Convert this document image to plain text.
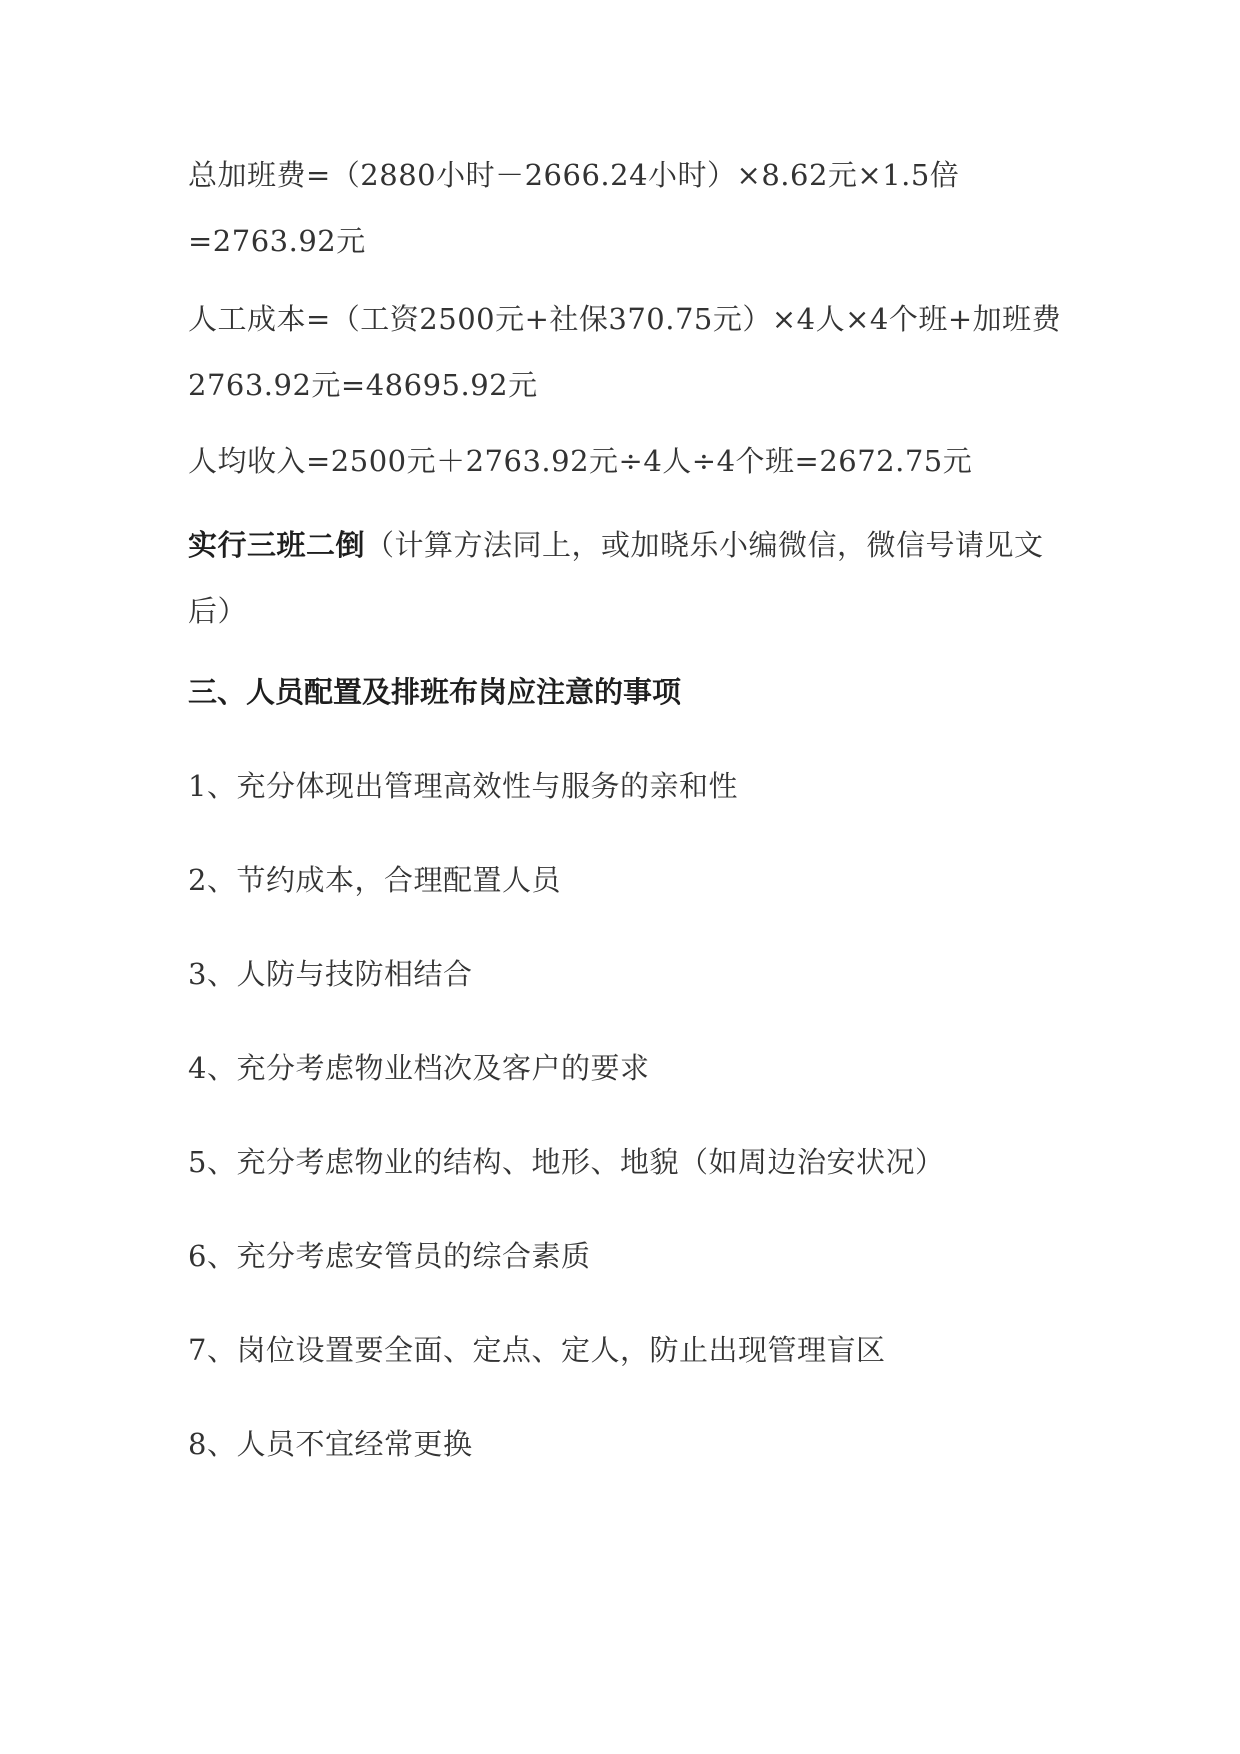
总加班费=（2880小时－2666.24小时）×8.62元×1.5倍=2763.92元

人工成本=（工资2500元+社保370.75元）×4人×4个班+加班费2763.92元=48695.92元

人均收入=2500元＋2763.92元÷4人÷4个班=2672.75元

实行三班二倒（计算方法同上，或加晓乐小编微信，微信号请见文后）

三、人员配置及排班布岗应注意的事项

1、充分体现出管理高效性与服务的亲和性

2、节约成本，合理配置人员

3、人防与技防相结合

4、充分考虑物业档次及客户的要求

5、充分考虑物业的结构、地形、地貌（如周边治安状况）

6、充分考虑安管员的综合素质

7、岗位设置要全面、定点、定人，防止出现管理盲区

8、人员不宜经常更换
